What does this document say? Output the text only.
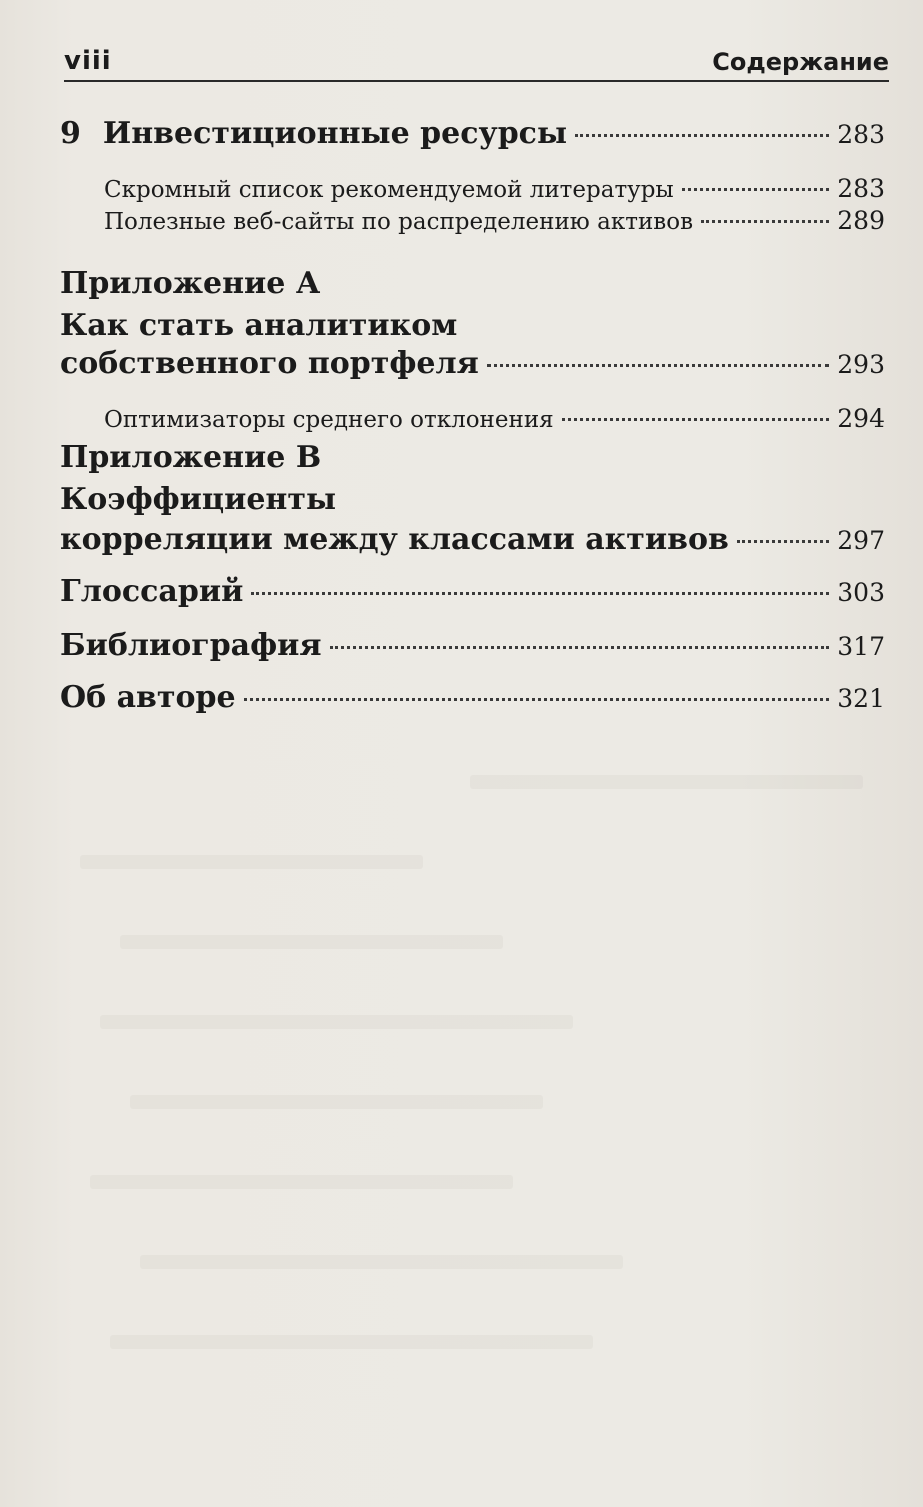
viii	Содержание
9 Инвестиционные ресурсы	283
Скромный список рекомендуемой литературы	283
Полезные веб-сайты по распределению активов	289
Приложение А
Как стать аналитиком
собственного портфеля	293
Оптимизаторы среднего отклонения	294
Приложение В
Коэффициенты
корреляции между классами активов	297
Глоссарий	303
Библиография	317
Об авторе	321
